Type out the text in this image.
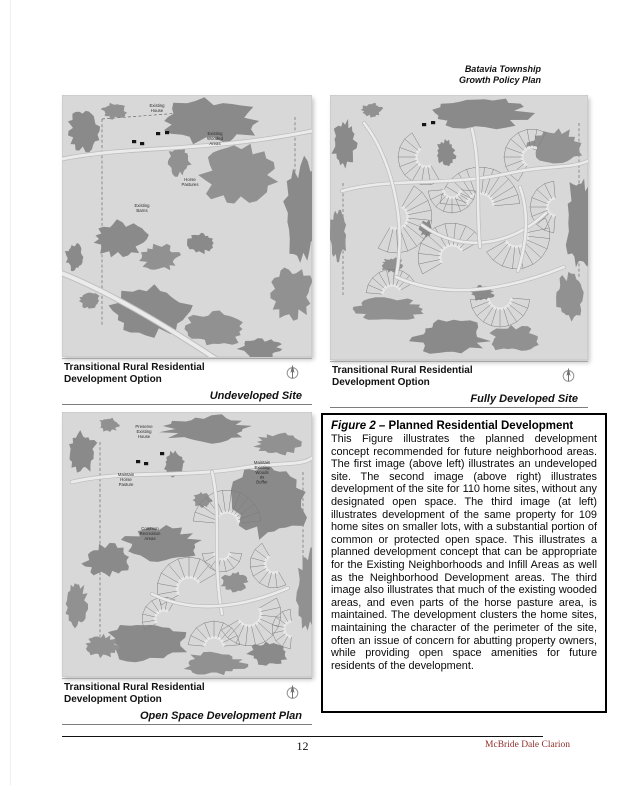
Batavia Township
Growth Policy Plan
Existing House
Existing Wooded Areas
Horse Pastures
Existing Barns
Transitional Rural Residential
Development Option
Undeveloped Site
Transitional Rural Residential
Development Option
Fully Developed Site
Preserve Existing House
Maintain Horse Pasture
Maintain Existing Woods as Buffer
Common Recreation Areas
Transitional Rural Residential
Development Option
Open Space Development Plan
Figure 2 – Planned Residential Development
This Figure illustrates the planned development concept recommended for future neighborhood areas. The first image (above left) illustrates an undeveloped site. The second image (above right) illustrates development of the site for 110 home sites, without any designated open space. The third image (at left) illustrates development of the same property for 109 home sites on smaller lots, with a substantial portion of common or protected open space. This illustrates a planned development concept that can be appropriate for the Existing Neighborhoods and Infill Areas as well as the Neighborhood Development areas. The third image also illustrates that much of the existing wooded areas, and even parts of the horse pasture area, is maintained. The development clusters the home sites, maintaining the character of the perimeter of the site, often an issue of concern for abutting property owners, while providing open space amenities for future residents of the development.
12	McBride Dale Clarion
